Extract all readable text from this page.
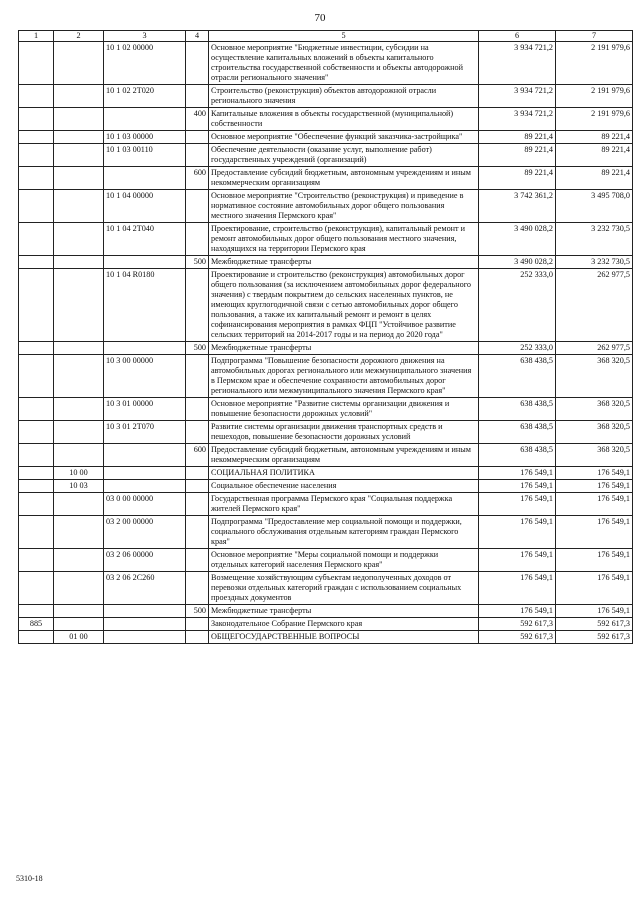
70
1	2	3	4	5	6	7
		10 1 02 00000		Основное мероприятие "Бюджетные инвестиции, субсидии на осуществление капитальных вложений в объекты капитального строительства государственной собственности и объекты автодорожной отрасли регионального значения"	3 934 721,2	2 191 979,6
		10 1 02 2Т020		Строительство (реконструкция) объектов автодорожной отрасли регионального значения	3 934 721,2	2 191 979,6
			400	Капитальные вложения в объекты государственной (муниципальной) собственности	3 934 721,2	2 191 979,6
		10 1 03 00000		Основное мероприятие "Обеспечение функций заказчика-застройщика"	89 221,4	89 221,4
		10 1 03 00110		Обеспечение деятельности (оказание услуг, выполнение работ) государственных учреждений (организаций)	89 221,4	89 221,4
			600	Предоставление субсидий бюджетным, автономным учреждениям и иным некоммерческим организациям	89 221,4	89 221,4
		10 1 04 00000		Основное мероприятие "Строительство (реконструкция) и приведение в нормативное состояние автомобильных дорог общего пользования местного значения Пермского края"	3 742 361,2	3 495 708,0
		10 1 04 2Т040		Проектирование, строительство (реконструкция), капитальный ремонт и ремонт автомобильных дорог общего пользования местного значения, находящихся на территории Пермского края	3 490 028,2	3 232 730,5
			500	Межбюджетные трансферты	3 490 028,2	3 232 730,5
		10 1 04 R0180		Проектирование и строительство (реконструкция) автомобильных дорог общего пользования (за исключением автомобильных дорог федерального значения) с твердым покрытием до сельских населенных пунктов, не имеющих круглогодичной связи с сетью автомобильных дорог общего пользования, а также их капитальный ремонт и ремонт в целях софинансирования мероприятия в рамках ФЦП "Устойчивое развитие сельских территорий на 2014-2017 годы и на период до 2020 года"	252 333,0	262 977,5
			500	Межбюджетные трансферты	252 333,0	262 977,5
		10 3 00 00000		Подпрограмма "Повышение безопасности дорожного движения на автомобильных дорогах регионального или межмуниципального значения в Пермском крае и обеспечение сохранности автомобильных дорог регионального или межмуниципального значения Пермского края"	638 438,5	368 320,5
		10 3 01 00000		Основное мероприятие "Развитие системы организации движения и повышение безопасности дорожных условий"	638 438,5	368 320,5
		10 3 01 2Т070		Развитие системы организации движения транспортных средств и пешеходов, повышение безопасности дорожных условий	638 438,5	368 320,5
			600	Предоставление субсидий бюджетным, автономным учреждениям и иным некоммерческим организациям	638 438,5	368 320,5
	10 00			СОЦИАЛЬНАЯ ПОЛИТИКА	176 549,1	176 549,1
	10 03			Социальное обеспечение населения	176 549,1	176 549,1
		03 0 00 00000		Государственная программа Пермского края "Социальная поддержка жителей Пермского края"	176 549,1	176 549,1
		03 2 00 00000		Подпрограмма "Предоставление мер социальной помощи и поддержки, социального обслуживания отдельным категориям граждан Пермского края"	176 549,1	176 549,1
		03 2 06 00000		Основное мероприятие "Меры социальной помощи и поддержки отдельных категорий населения Пермского края"	176 549,1	176 549,1
		03 2 06 2С260		Возмещение хозяйствующим субъектам недополученных доходов от перевозки отдельных категорий граждан с использованием социальных проездных документов	176 549,1	176 549,1
			500	Межбюджетные трансферты	176 549,1	176 549,1
885				Законодательное Собрание Пермского края	592 617,3	592 617,3
	01 00			ОБЩЕГОСУДАРСТВЕННЫЕ ВОПРОСЫ	592 617,3	592 617,3
5310-18
